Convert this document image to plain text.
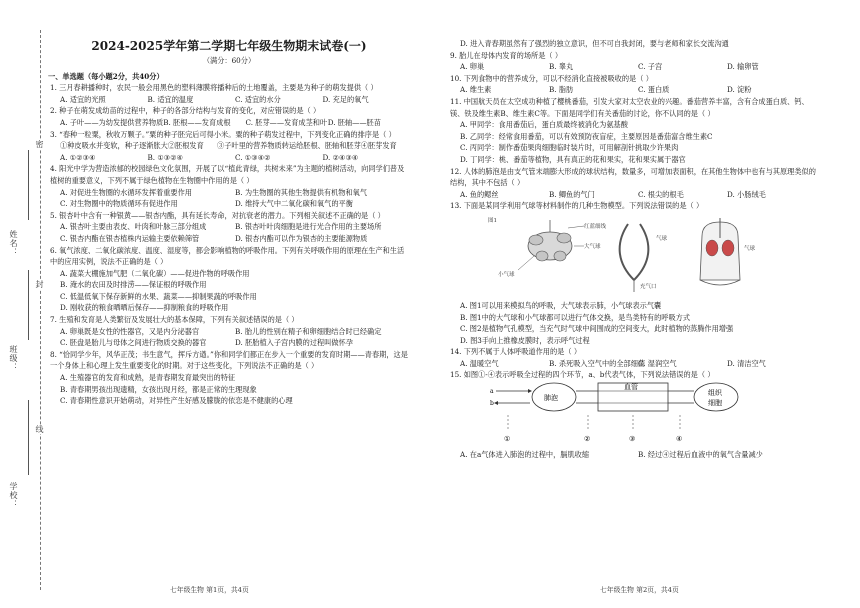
姓名：
班级：
学校：
密
封
线
2024-2025学年第二学期七年级生物期末试卷(一)
（满分：60分）
一、单选题（每小题2分，共40分）
1. 三月春耕播种时，农民一般会用黑色的塑料薄膜将播种后的土地覆盖，主要是为种子的萌发提供（ ）
A. 适宜的光照	B. 适宜的温度	C. 适宜的水分	D. 充足的氧气
2. 种子在萌发成幼苗的过程中，种子的各部分结构与发育的变化，对应错误的是（ ）
A. 子叶——为幼发提供营养物质 B. 胚根——发育成根	C. 胚芽——发育成茎和叶 D. 胚轴——胚苗
3. “春种一粒粟，秋收万颗子。”粟的种子胚完后可得小米。粟的种子萌发过程中，下列变化正确的排序是（ ）
①种皮吸水并变软，种子逐渐胀大 ②胚根发育	③子叶里的营养物质转运给胚根、胚轴和胚芽 ④胚芽发育
A. ①②③④	B. ①③②④	C. ①③④②	D. ②④③④
4. 阳光中学为营造浓郁的校园绿色文化氛围，开展了以“植此青绿，共树未来”为主题的植树活动，向同学们普及植树的重要意义，下列不属于绿色植物在生物圈中作用的是（ ）
A. 对促进生物圈的水循环发挥着重要作用	B. 为生物圈的其他生物提供有机物和氧气
C. 对生物圈中的物质循环有促进作用	D. 维持大气中二氧化碳和氧气的平衡
5. 银杏叶中含有一种银黄——银杏内酯，具有延长寿命，对抗衰老的潜力。下列相关叙述不正确的是（ ）
A. 银杏叶主要由表皮、叶肉和叶脉三部分组成	B. 银杏叶叶肉细胞是进行光合作用的主要场所
C. 银杏内酯在银杏植株内运输主要依赖筛管	D. 银杏内酯可以作为银杏的主要能源物质
6. 氧气浓度、二氧化碳浓度、温度、湿度等，都会影响植物的呼吸作用。下列有关呼吸作用的原理在生产和生活中的应用实例，说法不正确的是（ ）
A. 蔬菜大棚施加气肥（二氧化碳）——促进作物的呼吸作用
B. 淹水的农田及时排涝——保证根的呼吸作用
C. 低温低氧下保存新鲜的水果、蔬菜——抑制果蔬的呼吸作用
D. 刚收获的粮食晒晒后保存——抑制粮食的呼吸作用
7. 生殖和发育是人类繁衍及发展壮大的基本保障，下列有关叙述错误的是（ ）
A. 卵巢既是女性的性器官，又是内分泌器官	B. 胎儿的性别在精子和卵细胞结合时已经确定
C. 胚盘是胎儿与母体之间进行物质交换的器官	D. 胚胎植入子宫内膜的过程叫做怀孕
8. “恰同学少年，风华正茂；书生意气，挥斥方遒。”你和同学们都正在步入一个重要的发育时期——青春期，这是一个身体上和心理上发生重要变化的时期。对于这些变化，下列说法不正确的是（ ）
A. 生殖器官的发育和成熟，是青春期发育最突出的特征
B. 青春期男孩出现遗精，女孩出现月经，都是正常的生理现象
C. 青春期性意识开始萌动，对异性产生好感及朦胧的依恋是不健康的心理
七年级生物 第1页，共4页
D. 进入青春期虽然有了强烈的独立意识，但不可自我封闭，要与老师和家长交流沟通
9. 胎儿在母体内发育的场所是（ ）
A. 卵巢	B. 睾丸	C. 子宫	D. 输卵管
10. 下列食物中的营养成分，可以不经消化直接被吸收的是（ ）
A. 维生素	B. 脂肪	C. 蛋白质	D. 淀粉
11. 中国航天员在太空成功种植了樱桃番茄，引发大家对太空农业的兴趣。番茄营养丰富，含有合成蛋白质、钙、镁、铁及维生素B、维生素C等。下面是同学们有关番茄的讨论，你不认同的是（ ）
A. 甲同学：食用番茄后，蛋白质最终被消化为氨基酸
B. 乙同学：经常食用番茄，可以有效预防夜盲症，主要原因是番茄富含维生素C
C. 丙同学：制作番茄果肉细胞临时装片时，可用解剖针挑取少许果肉
D. 丁同学：桃、番茄等植物，具有真正的花和果实，花和果实属于器官
12. 人体的肺泡是由支气管末端膨大形成的球状结构，数量多，可增加表面积，在其他生物体中也有与其原理类似的结构，其中不包括（ ）
A. 鱼的鳃丝	B. 鲫鱼的气门	C. 根尖的根毛	D. 小肠绒毛
13. 下面是某同学利用气球等材料制作的几种生物模型。下列说法错误的是（ ）
图1
红蓝细线
大气球
小气球
气球
充气口
气球
A. 图1可以用来模拟鸟的呼吸，大气球表示肺，小气球表示气囊
B. 图1中的大气球和小气球都可以进行气体交换，是鸟类特有的呼吸方式
C. 图2是植物气孔模型，当充气时气球中间围成的空间变大，此时植物的蒸腾作用增强
D. 图3手向上推橡皮膜时，表示呼气过程
14. 下列不属于人体呼吸道作用的是（ ）
A. 温暖空气	B. 杀死吸入空气中的全部细菌
C. 湿润空气	D. 清洁空气
15. 如图①-④表示呼吸全过程的四个环节，a、b代表气体，下列说法错误的是（ ）
a
b
肺泡
血管
组织
细胞
①	②	③	④
A. 在a气体进入肺泡的过程中，膈肌收缩	B. 经过④过程后血液中的氧气含量减少
七年级生物 第2页，共4页
